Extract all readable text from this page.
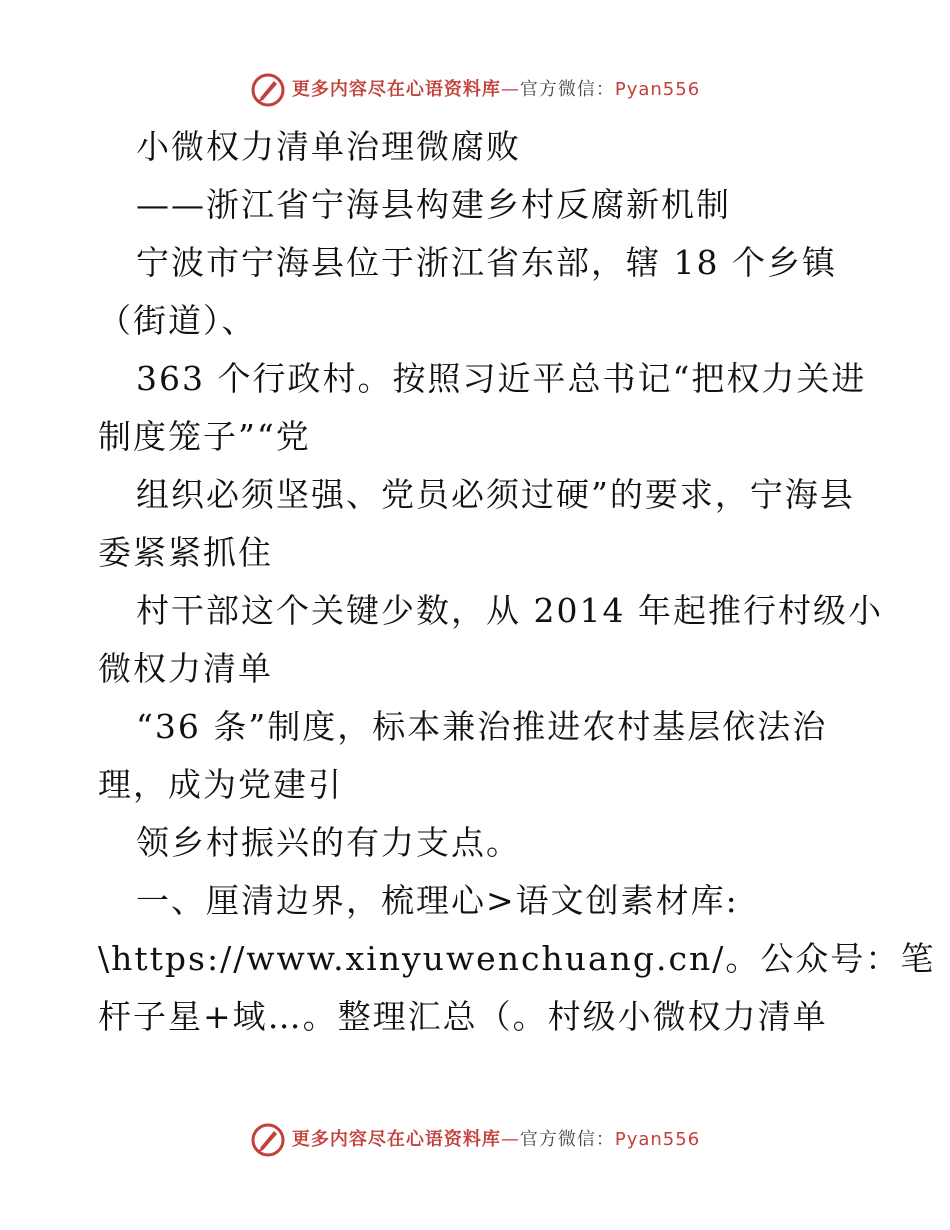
更多内容尽在心语资料库—官方微信：Pyan556
小微权力清单治理微腐败
——浙江省宁海县构建乡村反腐新机制
宁波市宁海县位于浙江省东部，辖 18 个乡镇
（街道）、
363 个行政村。按照习近平总书记“把权力关进
制度笼子”“党
组织必须坚强、党员必须过硬”的要求，宁海县
委紧紧抓住
村干部这个关键少数，从 2014 年起推行村级小
微权力清单
“36 条”制度，标本兼治推进农村基层依法治
理，成为党建引
领乡村振兴的有力支点。
一、厘清边界，梳理心>语文创素材库:
\https://www.xinyuwenchuang.cn/。公众号：笔
杆子星+域…。整理汇总（。村级小微权力清单
更多内容尽在心语资料库—官方微信：Pyan556
